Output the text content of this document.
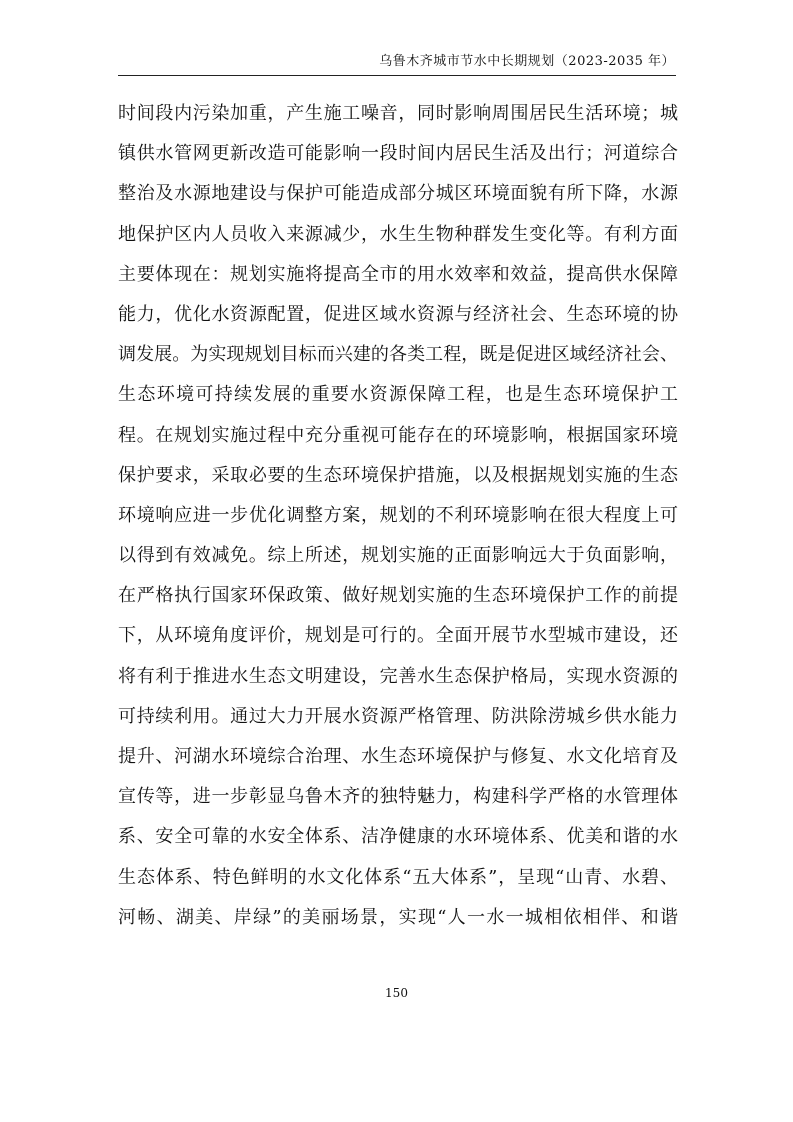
乌鲁木齐城市节水中长期规划（2023-2035 年）
时间段内污染加重，产生施工噪音，同时影响周围居民生活环境；城
镇供水管网更新改造可能影响一段时间内居民生活及出行；河道综合
整治及水源地建设与保护可能造成部分城区环境面貌有所下降，水源
地保护区内人员收入来源减少，水生生物种群发生变化等。有利方面
主要体现在：规划实施将提高全市的用水效率和效益，提高供水保障
能力，优化水资源配置，促进区域水资源与经济社会、生态环境的协
调发展。为实现规划目标而兴建的各类工程，既是促进区域经济社会、
生态环境可持续发展的重要水资源保障工程，也是生态环境保护工
程。在规划实施过程中充分重视可能存在的环境影响，根据国家环境
保护要求，采取必要的生态环境保护措施，以及根据规划实施的生态
环境响应进一步优化调整方案，规划的不利环境影响在很大程度上可
以得到有效减免。综上所述，规划实施的正面影响远大于负面影响，
在严格执行国家环保政策、做好规划实施的生态环境保护工作的前提
下，从环境角度评价，规划是可行的。全面开展节水型城市建设，还
将有利于推进水生态文明建设，完善水生态保护格局，实现水资源的
可持续利用。通过大力开展水资源严格管理、防洪除涝城乡供水能力
提升、河湖水环境综合治理、水生态环境保护与修复、水文化培育及
宣传等，进一步彰显乌鲁木齐的独特魅力，构建科学严格的水管理体
系、安全可靠的水安全体系、洁净健康的水环境体系、优美和谐的水
生态体系、特色鲜明的水文化体系“五大体系”，呈现“山青、水碧、
河畅、湖美、岸绿”的美丽场景，实现“人一水一城相依相伴、和谐
150
